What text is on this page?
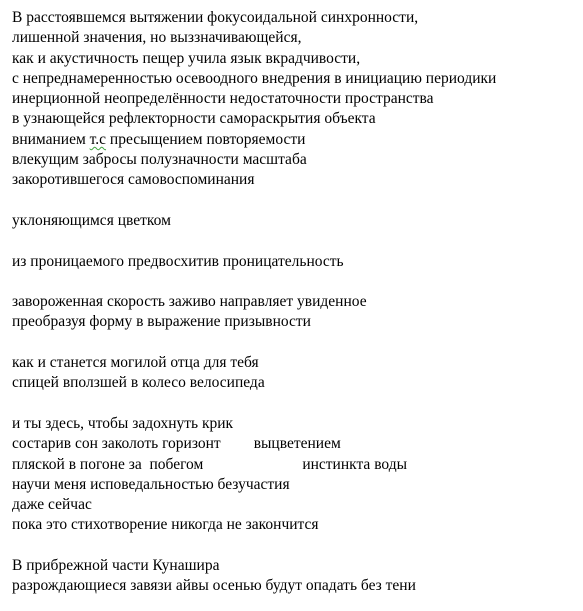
В расстоявшемся вытяжении фокусоидальной синхронности,
лишенной значения, но выззначивающейся,
как и акустичность пещер учила язык вкрадчивости,
с непреднамеренностью осевоодного внедрения в инициацию периодики
инерционной неопределённости недостаточности пространства
в узнающейся рефлекторности самораскрытия объекта
вниманием т.с пресыщением повторяемости
влекущим забросы полузначности масштаба
закоротившегося самовоспоминания
уклоняющимся цветком
из проницаемого предвосхитив проницательность
завороженная скорость заживо направляет увиденное
преобразуя форму в выражение призывности
как и станется могилой отца для тебя
спицей вползшей в колесо велосипеда
и ты здесь, чтобы задохнуть крик
состарив сон заколоть горизонт выцветением
пляской в погоне за  побегом	инстинкта воды
научи меня исповедальностью безучастия
даже сейчас
пока это стихотворение никогда не закончится
В прибрежной части Кунашира
разрождающиеся завязи айвы осенью будут опадать без тени
